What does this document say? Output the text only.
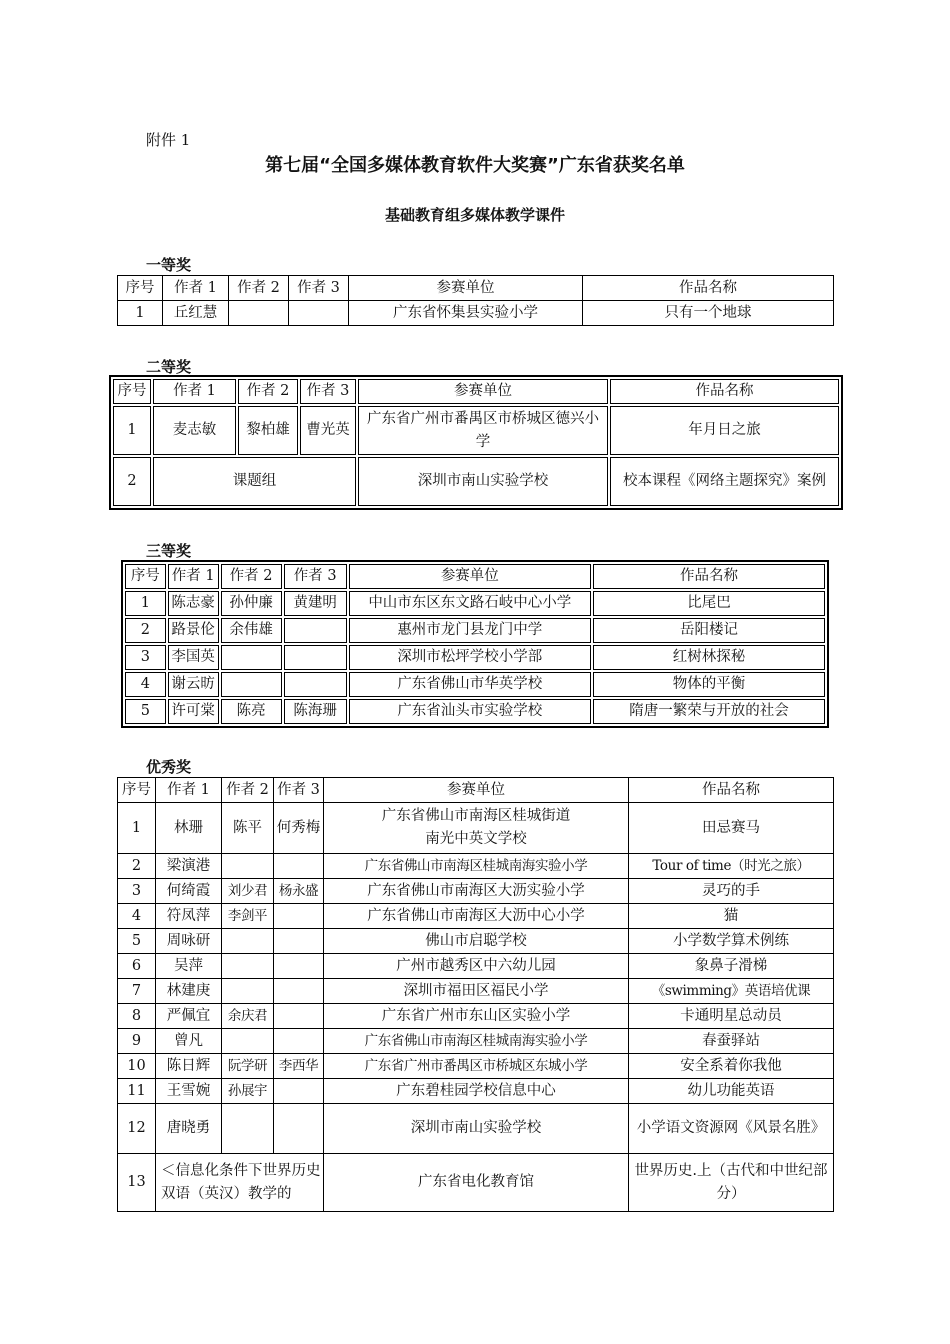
附件 1
第七届“全国多媒体教育软件大奖赛”广东省获奖名单
基础教育组多媒体教学课件
一等奖
序号	作者 1	作者 2	作者 3	参赛单位	作品名称
1	丘红慧			广东省怀集县实验小学	只有一个地球
二等奖
序号	作者 1	作者 2	作者 3	参赛单位	作品名称
1	麦志敏	黎柏雄	曹光英	广东省广州市番禺区市桥城区德兴小学	年月日之旅
2	课题组			深圳市南山实验学校	校本课程《网络主题探究》案例
三等奖
序号	作者 1	作者 2	作者 3	参赛单位	作品名称
1	陈志豪	孙仲廉	黄建明	中山市东区东文路石岐中心小学	比尾巴
2	路景伦	余伟雄		惠州市龙门县龙门中学	岳阳楼记
3	李国英			深圳市松坪学校小学部	红树林探秘
4	谢云昉			广东省佛山市华英学校	物体的平衡
5	许可棠	陈亮	陈海珊	广东省汕头市实验学校	隋唐一繁荣与开放的社会
优秀奖
序号	作者 1	作者 2	作者 3	参赛单位	作品名称
1	林珊	陈平	何秀梅	广东省佛山市南海区桂城街道
南光中英文学校	田忌赛马
2	梁演港			广东省佛山市南海区桂城南海实验小学	Tour of time（时光之旅）
3	何绮霞	刘少君	杨永盛	广东省佛山市南海区大沥实验小学	灵巧的手
4	符凤萍	李剑平		广东省佛山市南海区大沥中心小学	猫
5	周咏研			佛山市启聪学校	小学数学算术例练
6	吴萍			广州市越秀区中六幼儿园	象鼻子滑梯
7	林建庚			深圳市福田区福民小学	《swimming》英语培优课
8	严佩宜	余庆君		广东省广州市东山区实验小学	卡通明星总动员
9	曾凡			广东省佛山市南海区桂城南海实验小学	春蚕驿站
10	陈日辉	阮学研	李西华	广东省广州市番禺区市桥城区东城小学	安全系着你我他
11	王雪婉	孙展宇		广东碧桂园学校信息中心	幼儿功能英语
12	唐晓勇			深圳市南山实验学校	小学语文资源网《风景名胜》
13	＜信息化条件下世界历史双语（英汉）教学的			广东省电化教育馆	世界历史.上（古代和中世纪部分）
